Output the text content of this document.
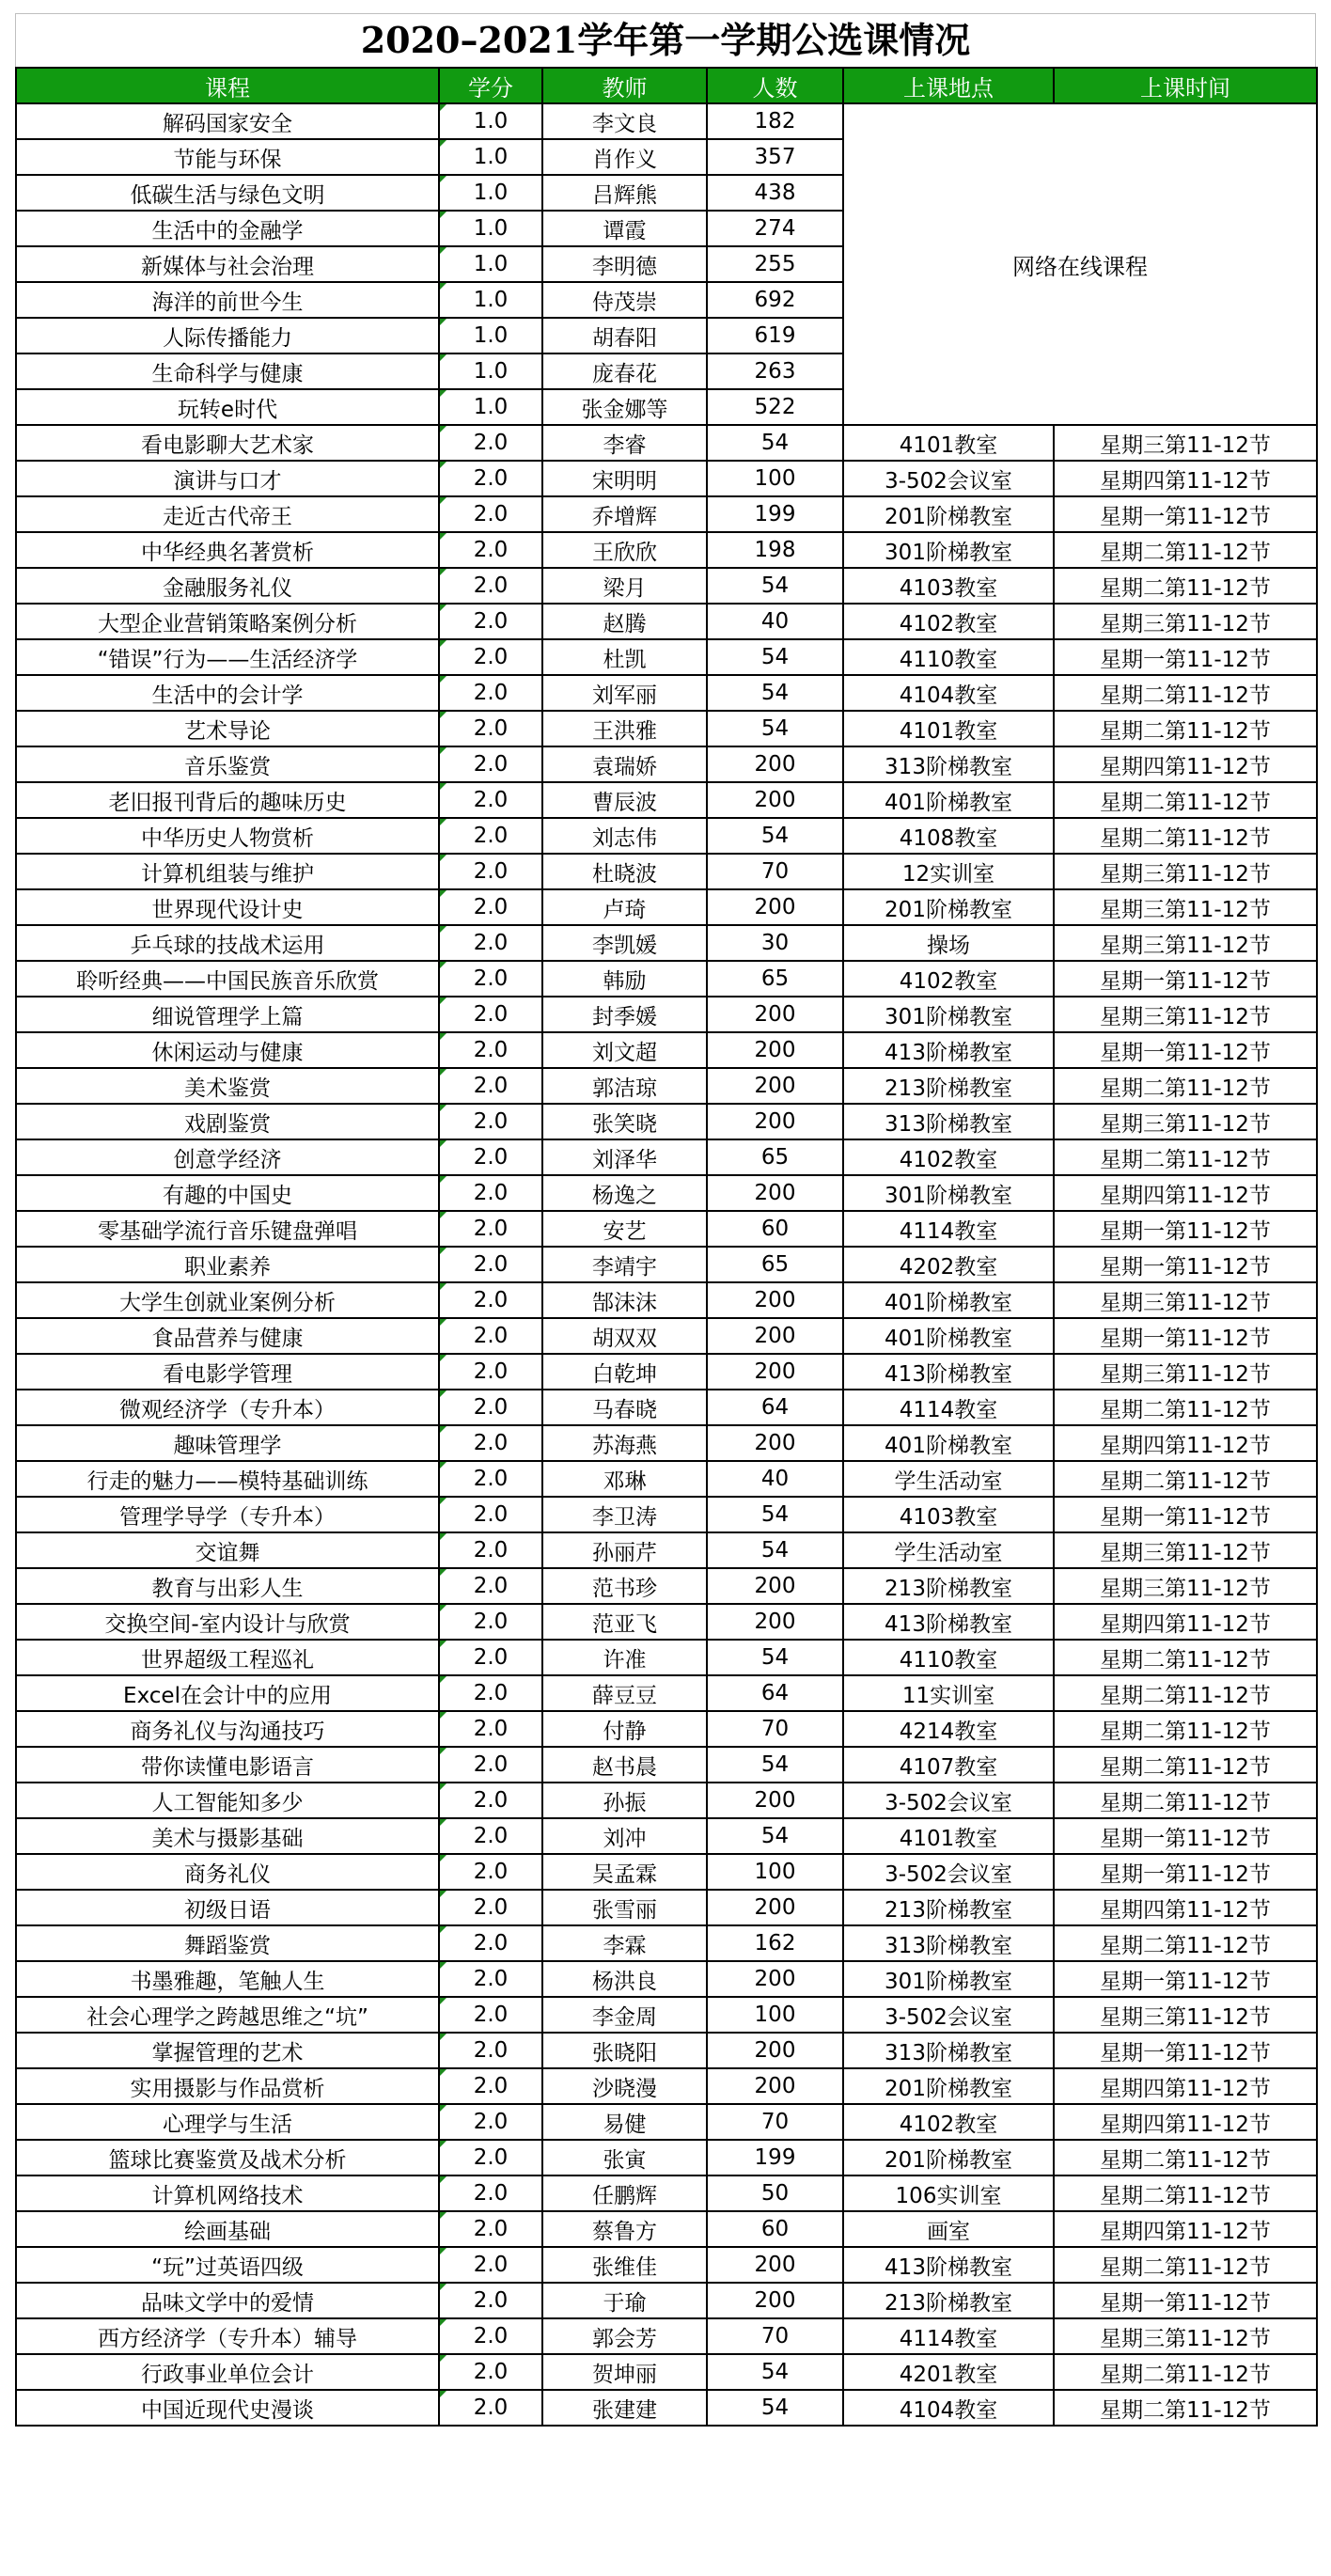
2020–2021学年第一学期公选课情况
课程	学分	教师	人数	上课地点	上课时间
解码国家安全	1.0	李文良	182	网络在线课程	
节能与环保	1.0	肖作义	357		
低碳生活与绿色文明	1.0	吕辉熊	438		
生活中的金融学	1.0	谭霞	274		
新媒体与社会治理	1.0	李明德	255		
海洋的前世今生	1.0	侍茂崇	692		
人际传播能力	1.0	胡春阳	619		
生命科学与健康	1.0	庞春花	263		
玩转e时代	1.0	张金娜等	522		
看电影聊大艺术家	2.0	李睿	54	4101教室	星期三第11-12节
演讲与口才	2.0	宋明明	100	3-502会议室	星期四第11-12节
走近古代帝王	2.0	乔增辉	199	201阶梯教室	星期一第11-12节
中华经典名著赏析	2.0	王欣欣	198	301阶梯教室	星期二第11-12节
金融服务礼仪	2.0	梁月	54	4103教室	星期二第11-12节
大型企业营销策略案例分析	2.0	赵腾	40	4102教室	星期三第11-12节
“错误”行为——生活经济学	2.0	杜凯	54	4110教室	星期一第11-12节
生活中的会计学	2.0	刘军丽	54	4104教室	星期二第11-12节
艺术导论	2.0	王洪雅	54	4101教室	星期二第11-12节
音乐鉴赏	2.0	袁瑞娇	200	313阶梯教室	星期四第11-12节
老旧报刊背后的趣味历史	2.0	曹辰波	200	401阶梯教室	星期二第11-12节
中华历史人物赏析	2.0	刘志伟	54	4108教室	星期二第11-12节
计算机组装与维护	2.0	杜晓波	70	12实训室	星期三第11-12节
世界现代设计史	2.0	卢琦	200	201阶梯教室	星期三第11-12节
乒乓球的技战术运用	2.0	李凯媛	30	操场	星期三第11-12节
聆听经典——中国民族音乐欣赏	2.0	韩励	65	4102教室	星期一第11-12节
细说管理学上篇	2.0	封季媛	200	301阶梯教室	星期三第11-12节
休闲运动与健康	2.0	刘文超	200	413阶梯教室	星期一第11-12节
美术鉴赏	2.0	郭洁琼	200	213阶梯教室	星期二第11-12节
戏剧鉴赏	2.0	张笑晓	200	313阶梯教室	星期三第11-12节
创意学经济	2.0	刘泽华	65	4102教室	星期二第11-12节
有趣的中国史	2.0	杨逸之	200	301阶梯教室	星期四第11-12节
零基础学流行音乐键盘弹唱	2.0	安艺	60	4114教室	星期一第11-12节
职业素养	2.0	李靖宇	65	4202教室	星期一第11-12节
大学生创就业案例分析	2.0	郜沫沫	200	401阶梯教室	星期三第11-12节
食品营养与健康	2.0	胡双双	200	401阶梯教室	星期一第11-12节
看电影学管理	2.0	白乾坤	200	413阶梯教室	星期三第11-12节
微观经济学（专升本）	2.0	马春晓	64	4114教室	星期二第11-12节
趣味管理学	2.0	苏海燕	200	401阶梯教室	星期四第11-12节
行走的魅力——模特基础训练	2.0	邓琳	40	学生活动室	星期二第11-12节
管理学导学（专升本）	2.0	李卫涛	54	4103教室	星期一第11-12节
交谊舞	2.0	孙丽芹	54	学生活动室	星期三第11-12节
教育与出彩人生	2.0	范书珍	200	213阶梯教室	星期三第11-12节
交换空间-室内设计与欣赏	2.0	范亚飞	200	413阶梯教室	星期四第11-12节
世界超级工程巡礼	2.0	许准	54	4110教室	星期二第11-12节
Excel在会计中的应用	2.0	薛豆豆	64	11实训室	星期二第11-12节
商务礼仪与沟通技巧	2.0	付静	70	4214教室	星期二第11-12节
带你读懂电影语言	2.0	赵书晨	54	4107教室	星期二第11-12节
人工智能知多少	2.0	孙振	200	3-502会议室	星期二第11-12节
美术与摄影基础	2.0	刘冲	54	4101教室	星期一第11-12节
商务礼仪	2.0	吴孟霖	100	3-502会议室	星期一第11-12节
初级日语	2.0	张雪丽	200	213阶梯教室	星期四第11-12节
舞蹈鉴赏	2.0	李霖	162	313阶梯教室	星期二第11-12节
书墨雅趣，笔触人生	2.0	杨洪良	200	301阶梯教室	星期一第11-12节
社会心理学之跨越思维之“坑”	2.0	李金周	100	3-502会议室	星期三第11-12节
掌握管理的艺术	2.0	张晓阳	200	313阶梯教室	星期一第11-12节
实用摄影与作品赏析	2.0	沙晓漫	200	201阶梯教室	星期四第11-12节
心理学与生活	2.0	易健	70	4102教室	星期四第11-12节
篮球比赛鉴赏及战术分析	2.0	张寅	199	201阶梯教室	星期二第11-12节
计算机网络技术	2.0	任鹏辉	50	106实训室	星期二第11-12节
绘画基础	2.0	蔡鲁方	60	画室	星期四第11-12节
“玩”过英语四级	2.0	张维佳	200	413阶梯教室	星期二第11-12节
品味文学中的爱情	2.0	于瑜	200	213阶梯教室	星期一第11-12节
西方经济学（专升本）辅导	2.0	郭会芳	70	4114教室	星期三第11-12节
行政事业单位会计	2.0	贺坤丽	54	4201教室	星期二第11-12节
中国近现代史漫谈	2.0	张建建	54	4104教室	星期二第11-12节
